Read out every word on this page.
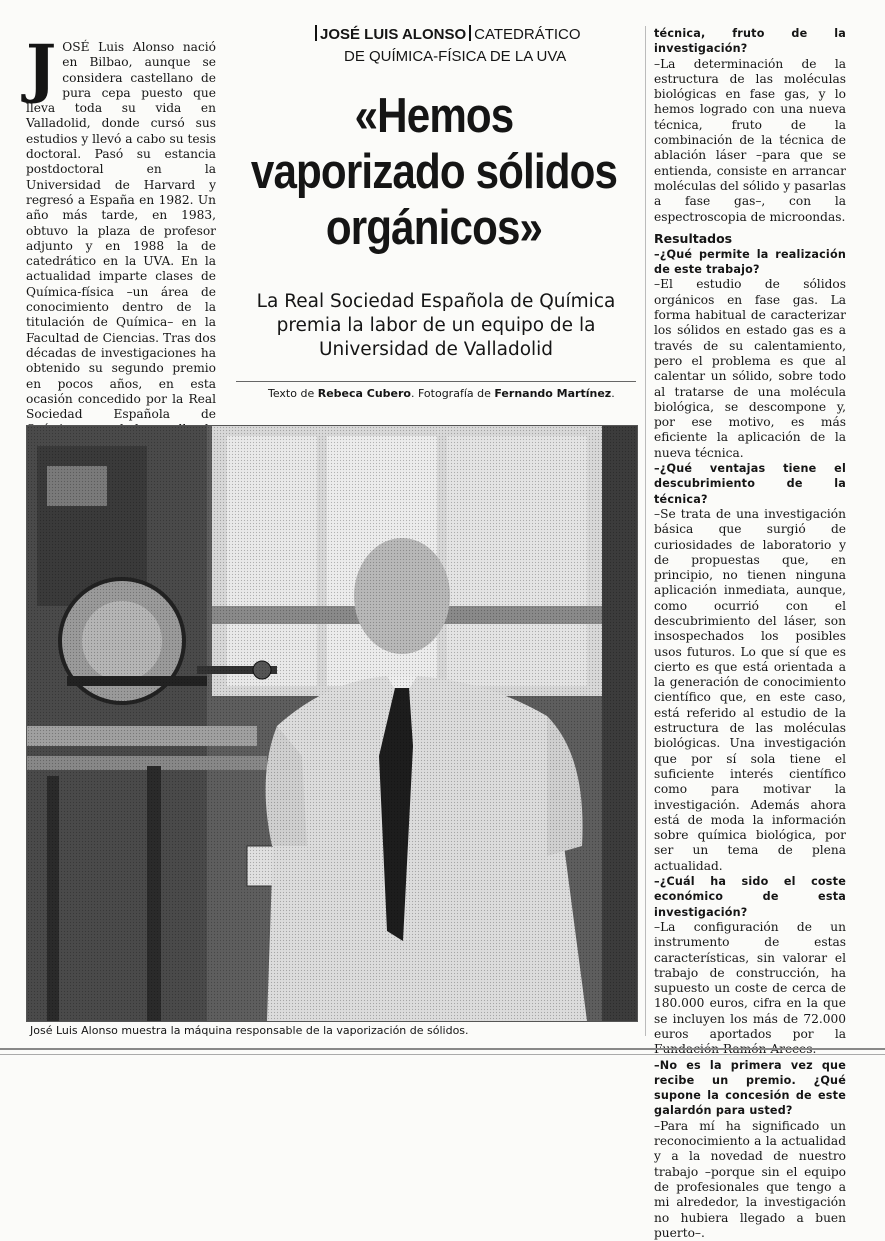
J OSÉ Luis Alonso nació en Bilbao, aunque se considera castellano de pura cepa puesto que lleva toda su vida en Valladolid, donde cursó sus estudios y llevó a cabo su tesis doctoral. Pasó su estancia postdoctoral en la Universidad de Harvard y regresó a España en 1982. Un año más tarde, en 1983, obtuvo la plaza de profesor adjunto y en 1988 la de catedrático en la UVA. En la actualidad imparte clases de Química-física –un área de conocimiento dentro de la titulación de Química– en la Facultad de Ciencias. Tras dos décadas de investigaciones ha obtenido su segundo premio en pocos años, en esta ocasión concedido por la Real Sociedad Española de

JOSÉ LUIS ALONSO CATEDRÁTICO
DE QUÍMICA-FÍSICA DE LA UVA
«Hemos vaporizado sólidos orgánicos»
La Real Sociedad Española de Química premia la labor de un equipo de la Universidad de Valladolid
Texto de Rebeca Cubero. Fotografía de Fernando Martínez.
José Luis Alonso muestra la máquina responsable de la vaporización de sólidos.

técnica, fruto de la investigación?

–La determinación de la estructura de las moléculas biológicas en fase gas, y lo hemos logrado con una nueva técnica, fruto de la combinación de la técnica de ablación láser –para que se entienda, consiste en arrancar moléculas del sólido y pasarlas a fase gas–, con la espectroscopia de microondas.

Resultados

–¿Qué permite la realización de este trabajo?

–El estudio de sólidos orgánicos en fase gas. La forma habitual de caracterizar los sólidos en estado gas es a través de su calentamiento, pero el problema es que al calentar un sólido, sobre todo al tratarse de una molécula biológica, se descompone y, por ese motivo, es más eficiente la aplicación de la nueva técnica.

–¿Qué ventajas tiene el descubrimiento de la técnica?

–Se trata de una investigación básica que surgió de curiosidades de laboratorio y de propuestas que, en principio, no tienen ninguna aplicación inmediata, aunque, como ocurrió con el descubrimiento del láser, son insospechados los posibles usos futuros. Lo que sí que es cierto es que está orientada a la generación de conocimiento científico que, en este caso, está referido al estudio de la estructura de las moléculas biológicas. Una investigación que por sí sola tiene el suficiente interés científico como para motivar la investigación. Además ahora está de moda la información sobre química biológica, por ser un tema de plena actualidad.

–¿Cuál ha sido el coste económico de esta investigación?

–La configuración de un instrumento de estas características, sin valorar el trabajo de construcción, ha supuesto un coste de cerca de 180.000 euros, cifra en la que se incluyen los más de 72.000 euros aportados por la

–No es la primera vez que recibe un premio. ¿Qué supone la concesión de este galardón para usted?

–Para mí ha significado un reconocimiento a la actualidad y a la novedad de nuestro trabajo –porque sin el equipo de profesionales que tengo a mi alrededor, la investigación no hubiera llegado a buen puerto–.
